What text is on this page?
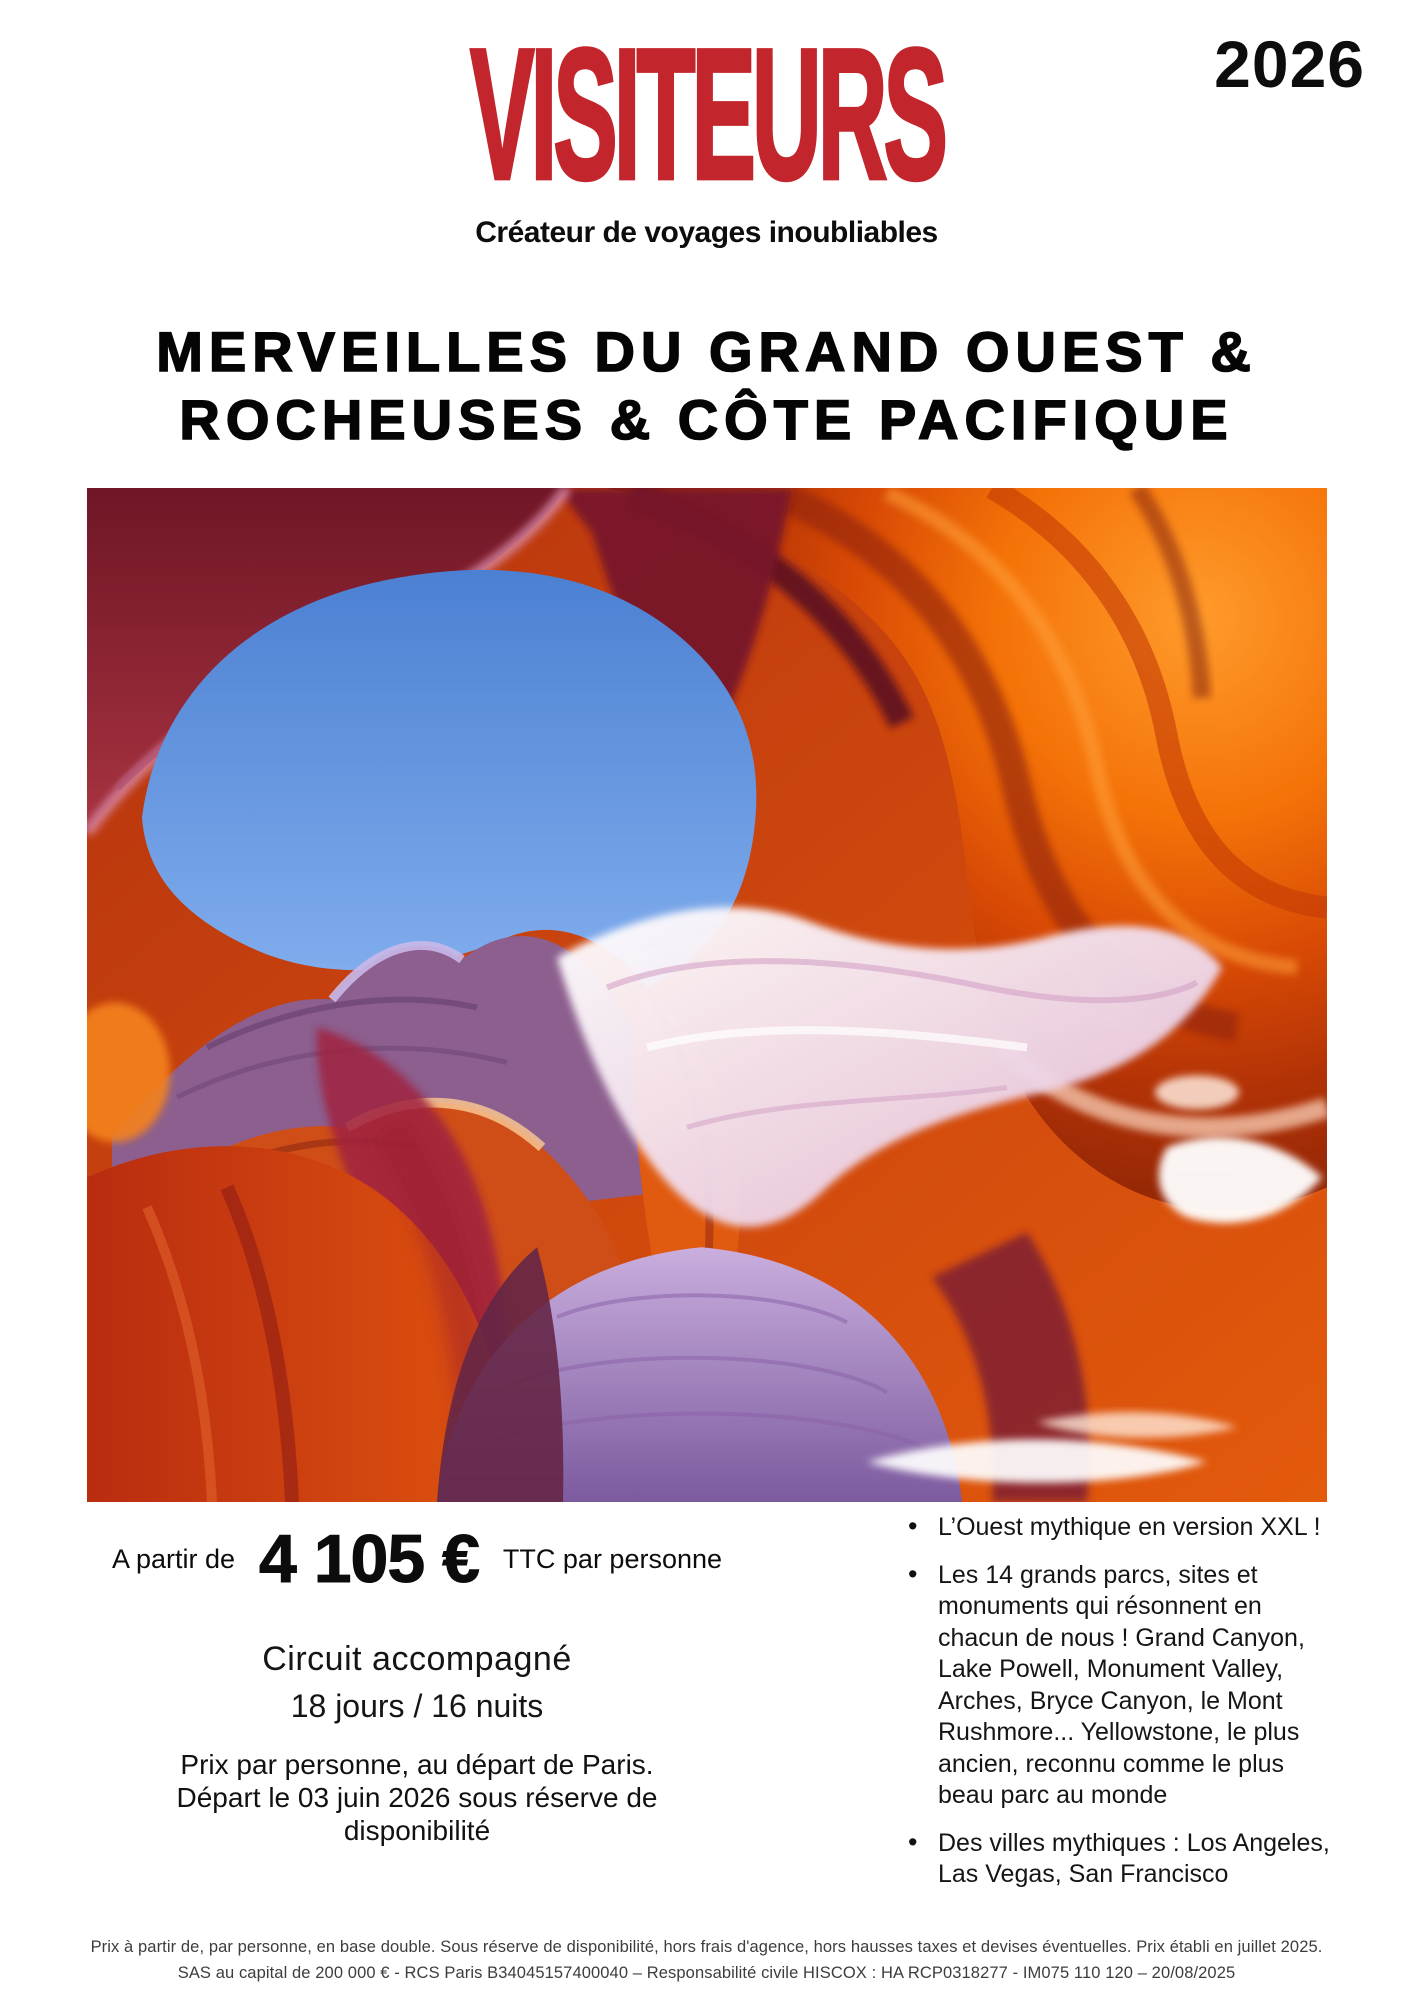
VISITEURS
Créateur de voyages inoubliables
2026
MERVEILLES DU GRAND OUEST &
ROCHEUSES & CÔTE PACIFIQUE
A partir de 4 105 € TTC par personne
Circuit accompagné
18 jours / 16 nuits
Prix par personne, au départ de Paris.
Départ le 03 juin 2026 sous réserve de
disponibilité
• L’Ouest mythique en version XXL !
• Les 14 grands parcs, sites et monuments qui résonnent en chacun de nous ! Grand Canyon, Lake Powell, Monument Valley, Arches, Bryce Canyon, le Mont Rushmore... Yellowstone, le plus ancien, reconnu comme le plus beau parc au monde
• Des villes mythiques : Los Angeles, Las Vegas, San Francisco
Prix à partir de, par personne, en base double. Sous réserve de disponibilité, hors frais d'agence, hors hausses taxes et devises éventuelles. Prix établi en juillet 2025.
SAS au capital de 200 000 € - RCS Paris B34045157400040 – Responsabilité civile HISCOX : HA RCP0318277 - IM075 110 120 – 20/08/2025
